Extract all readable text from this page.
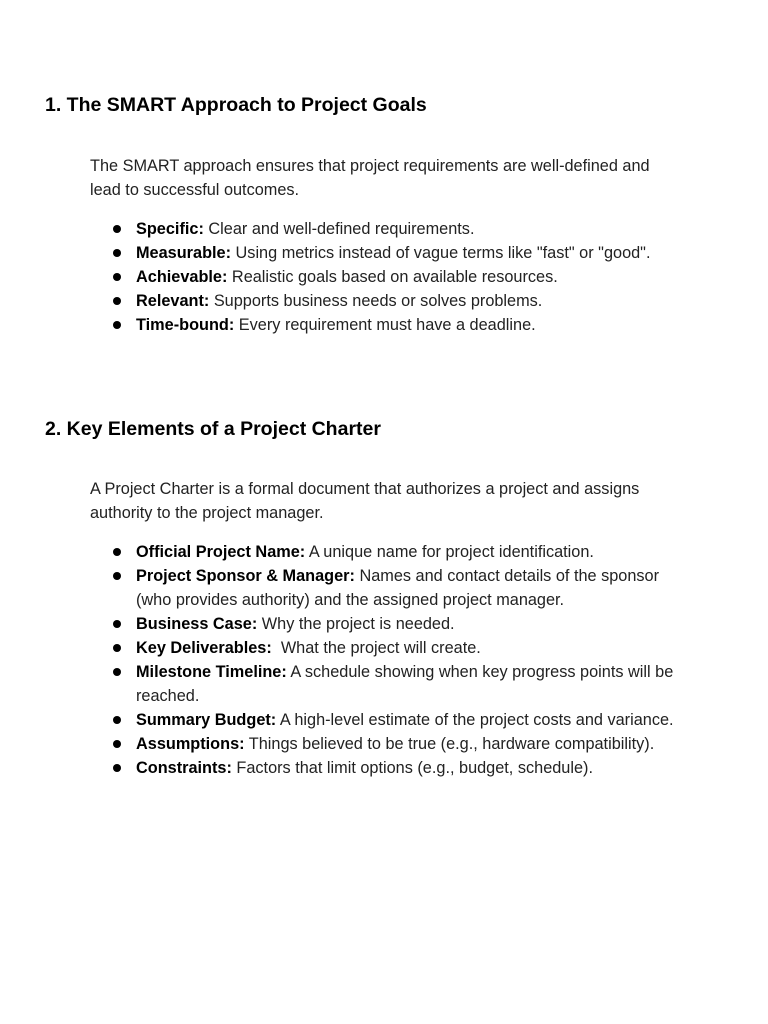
1. The SMART Approach to Project Goals

The SMART approach ensures that project requirements are well-defined and lead to successful outcomes.

Specific: Clear and well-defined requirements.
Measurable: Using metrics instead of vague terms like "fast" or "good".
Achievable: Realistic goals based on available resources.
Relevant: Supports business needs or solves problems.
Time-bound: Every requirement must have a deadline.
2. Key Elements of a Project Charter

A Project Charter is a formal document that authorizes a project and assigns authority to the project manager.

Official Project Name: A unique name for project identification.
Project Sponsor & Manager: Names and contact details of the sponsor (who provides authority) and the assigned project manager.
Business Case: Why the project is needed.
Key Deliverables:  What the project will create.
Milestone Timeline: A schedule showing when key progress points will be reached.
Summary Budget: A high-level estimate of the project costs and variance.
Assumptions: Things believed to be true (e.g., hardware compatibility).
Constraints: Factors that limit options (e.g., budget, schedule).
